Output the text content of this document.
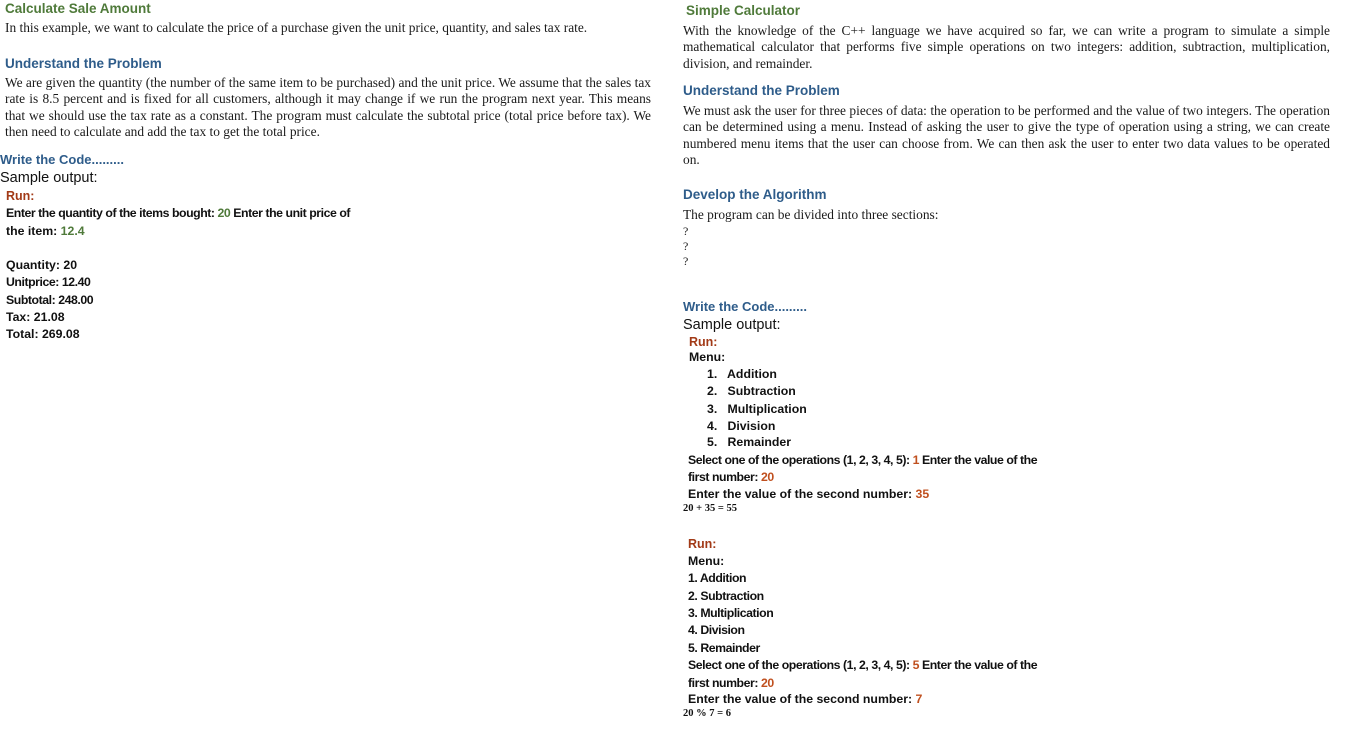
Calculate Sale Amount
In this example, we want to calculate the price of a purchase given the unit price, quantity, and sales tax rate.
Understand the Problem
We are given the quantity (the number of the same item to be purchased) and the unit price. We assume that the sales tax rate is 8.5 percent and is fixed for all customers, although it may change if we run the program next year. This means that we should use the tax rate as a constant. The program must calculate the subtotal price (total price before tax). We then need to calculate and add the tax to get the total price.
Write the Code.........
Sample output:
Run:
Enter the quantity of the items bought: 20 Enter the unit price of
the item: 12.4
Quantity: 20
Unitprice: 12.40
Subtotal: 248.00
Tax: 21.08
Total: 269.08
Simple Calculator
With the knowledge of the C++ language we have acquired so far, we can write a program to simulate a simple mathematical calculator that performs five simple operations on two integers: addition, subtraction, multiplication, division, and remainder.
Understand the Problem
We must ask the user for three pieces of data: the operation to be performed and the value of two integers. The operation can be determined using a menu. Instead of asking the user to give the type of operation using a string, we can create numbered menu items that the user can choose from. We can then ask the user to enter two data values to be operated on.
Develop the Algorithm
The program can be divided into three sections:
?
?
?
Write the Code.........
Sample output:
Run:
Menu:
1.   Addition
2.   Subtraction
3.   Multiplication
4.   Division
5.   Remainder
Select one of the operations (1, 2, 3, 4, 5): 1 Enter the value of the
first number: 20
Enter the value of the second number: 35
20 + 35 = 55
Run:
Menu:
1. Addition
2. Subtraction
3. Multiplication
4. Division
5. Remainder
Select one of the operations (1, 2, 3, 4, 5): 5 Enter the value of the
first number: 20
Enter the value of the second number: 7
20 % 7 = 6
